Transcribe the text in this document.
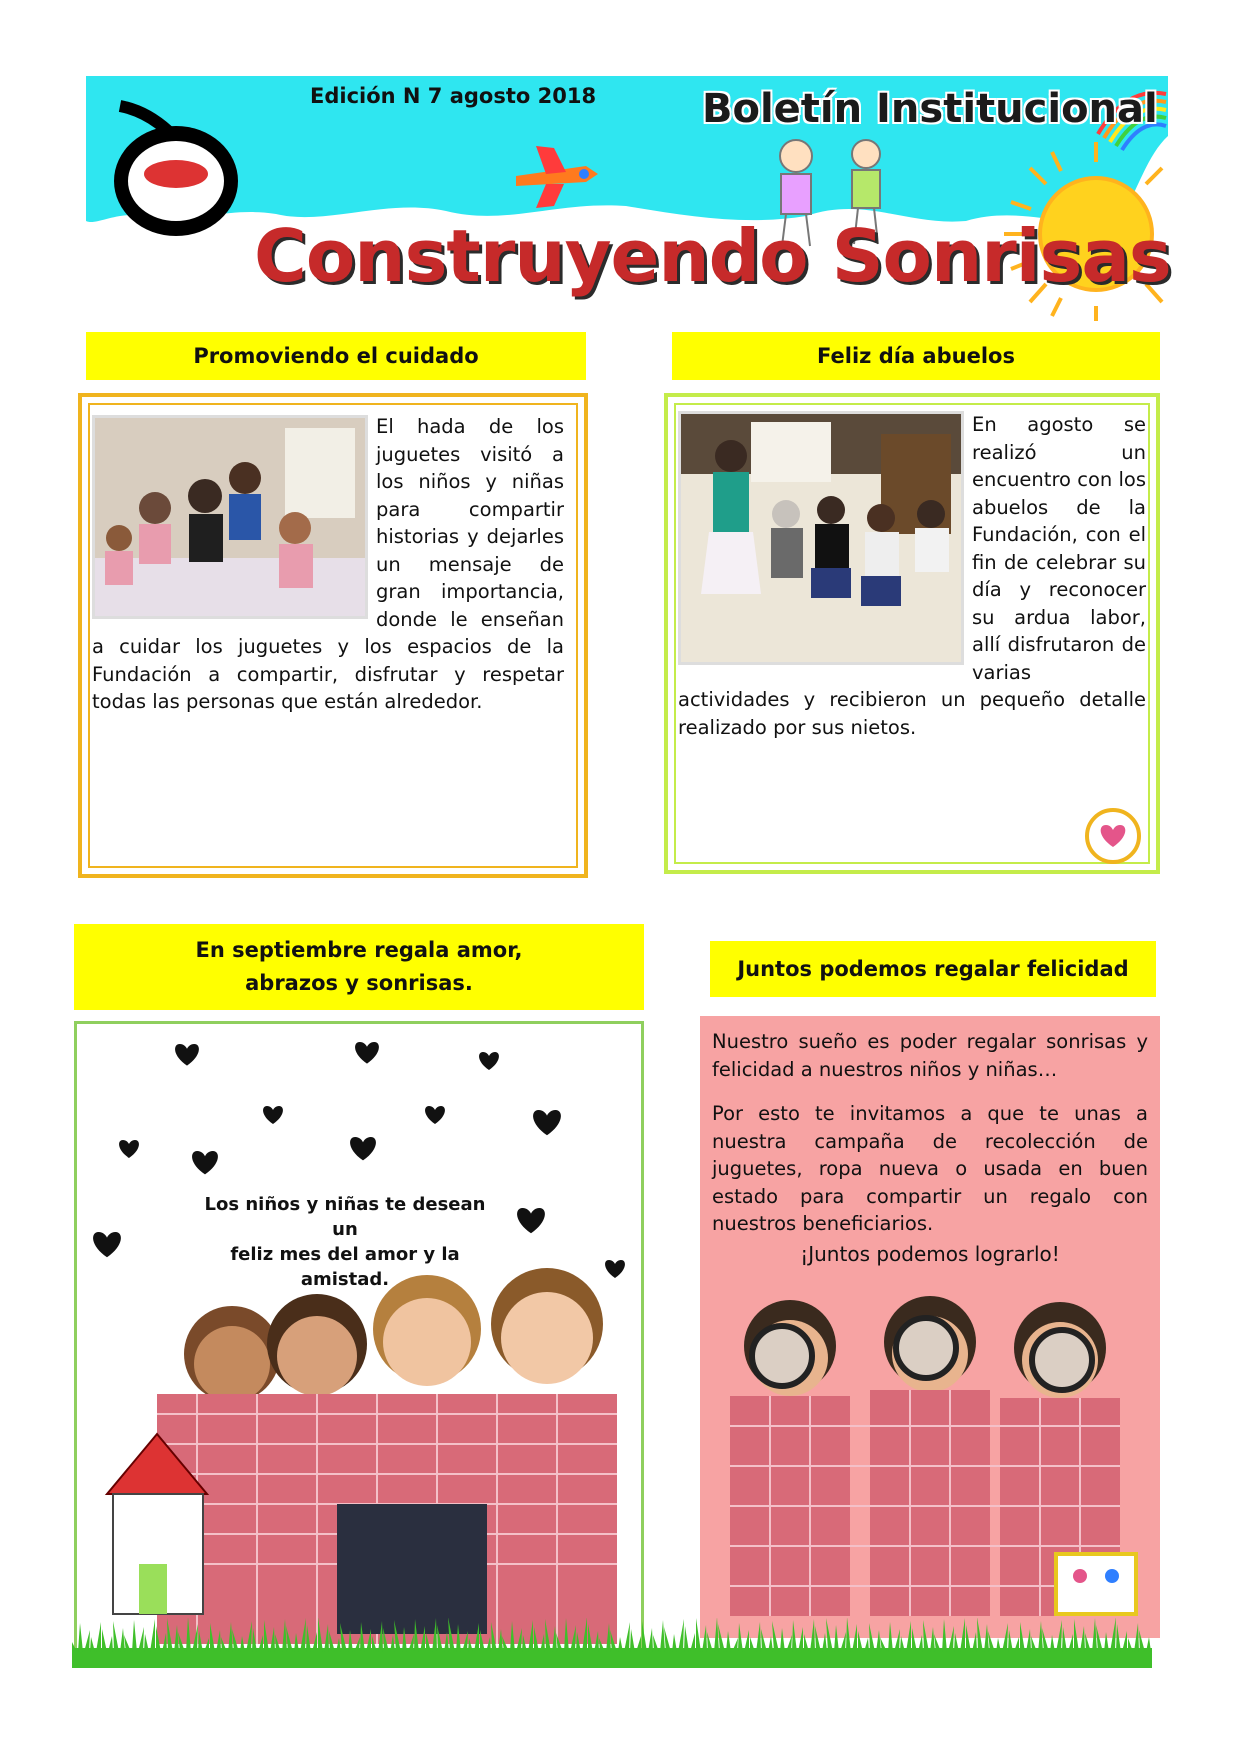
Edición N 7 agosto 2018	Boletín Institucional
Construyendo Sonrisas
Promoviendo el cuidado
El hada de los juguetes visitó a los niños y niñas para compartir historias y dejarles un mensaje de gran importancia, donde le enseñan a cuidar los juguetes y los espacios de la Fundación a compartir, disfrutar y respetar todas las personas que están alrededor.
Feliz día abuelos
En agosto se realizó un encuentro con los abuelos de la Fundación, con el fin de celebrar su día y reconocer su ardua labor, allí disfrutaron de varias actividades y recibieron un pequeño detalle realizado por sus nietos.
En septiembre regala amor,
abrazos y sonrisas.
Los niños y niñas te desean un
feliz mes del amor y la amistad.
Juntos podemos regalar felicidad
Nuestro sueño es poder regalar sonrisas y felicidad a nuestros niños y niñas…
Por esto te invitamos a que te unas a nuestra campaña de recolección de juguetes, ropa nueva o usada en buen estado para compartir un regalo con nuestros beneficiarios.
¡Juntos podemos lograrlo!
